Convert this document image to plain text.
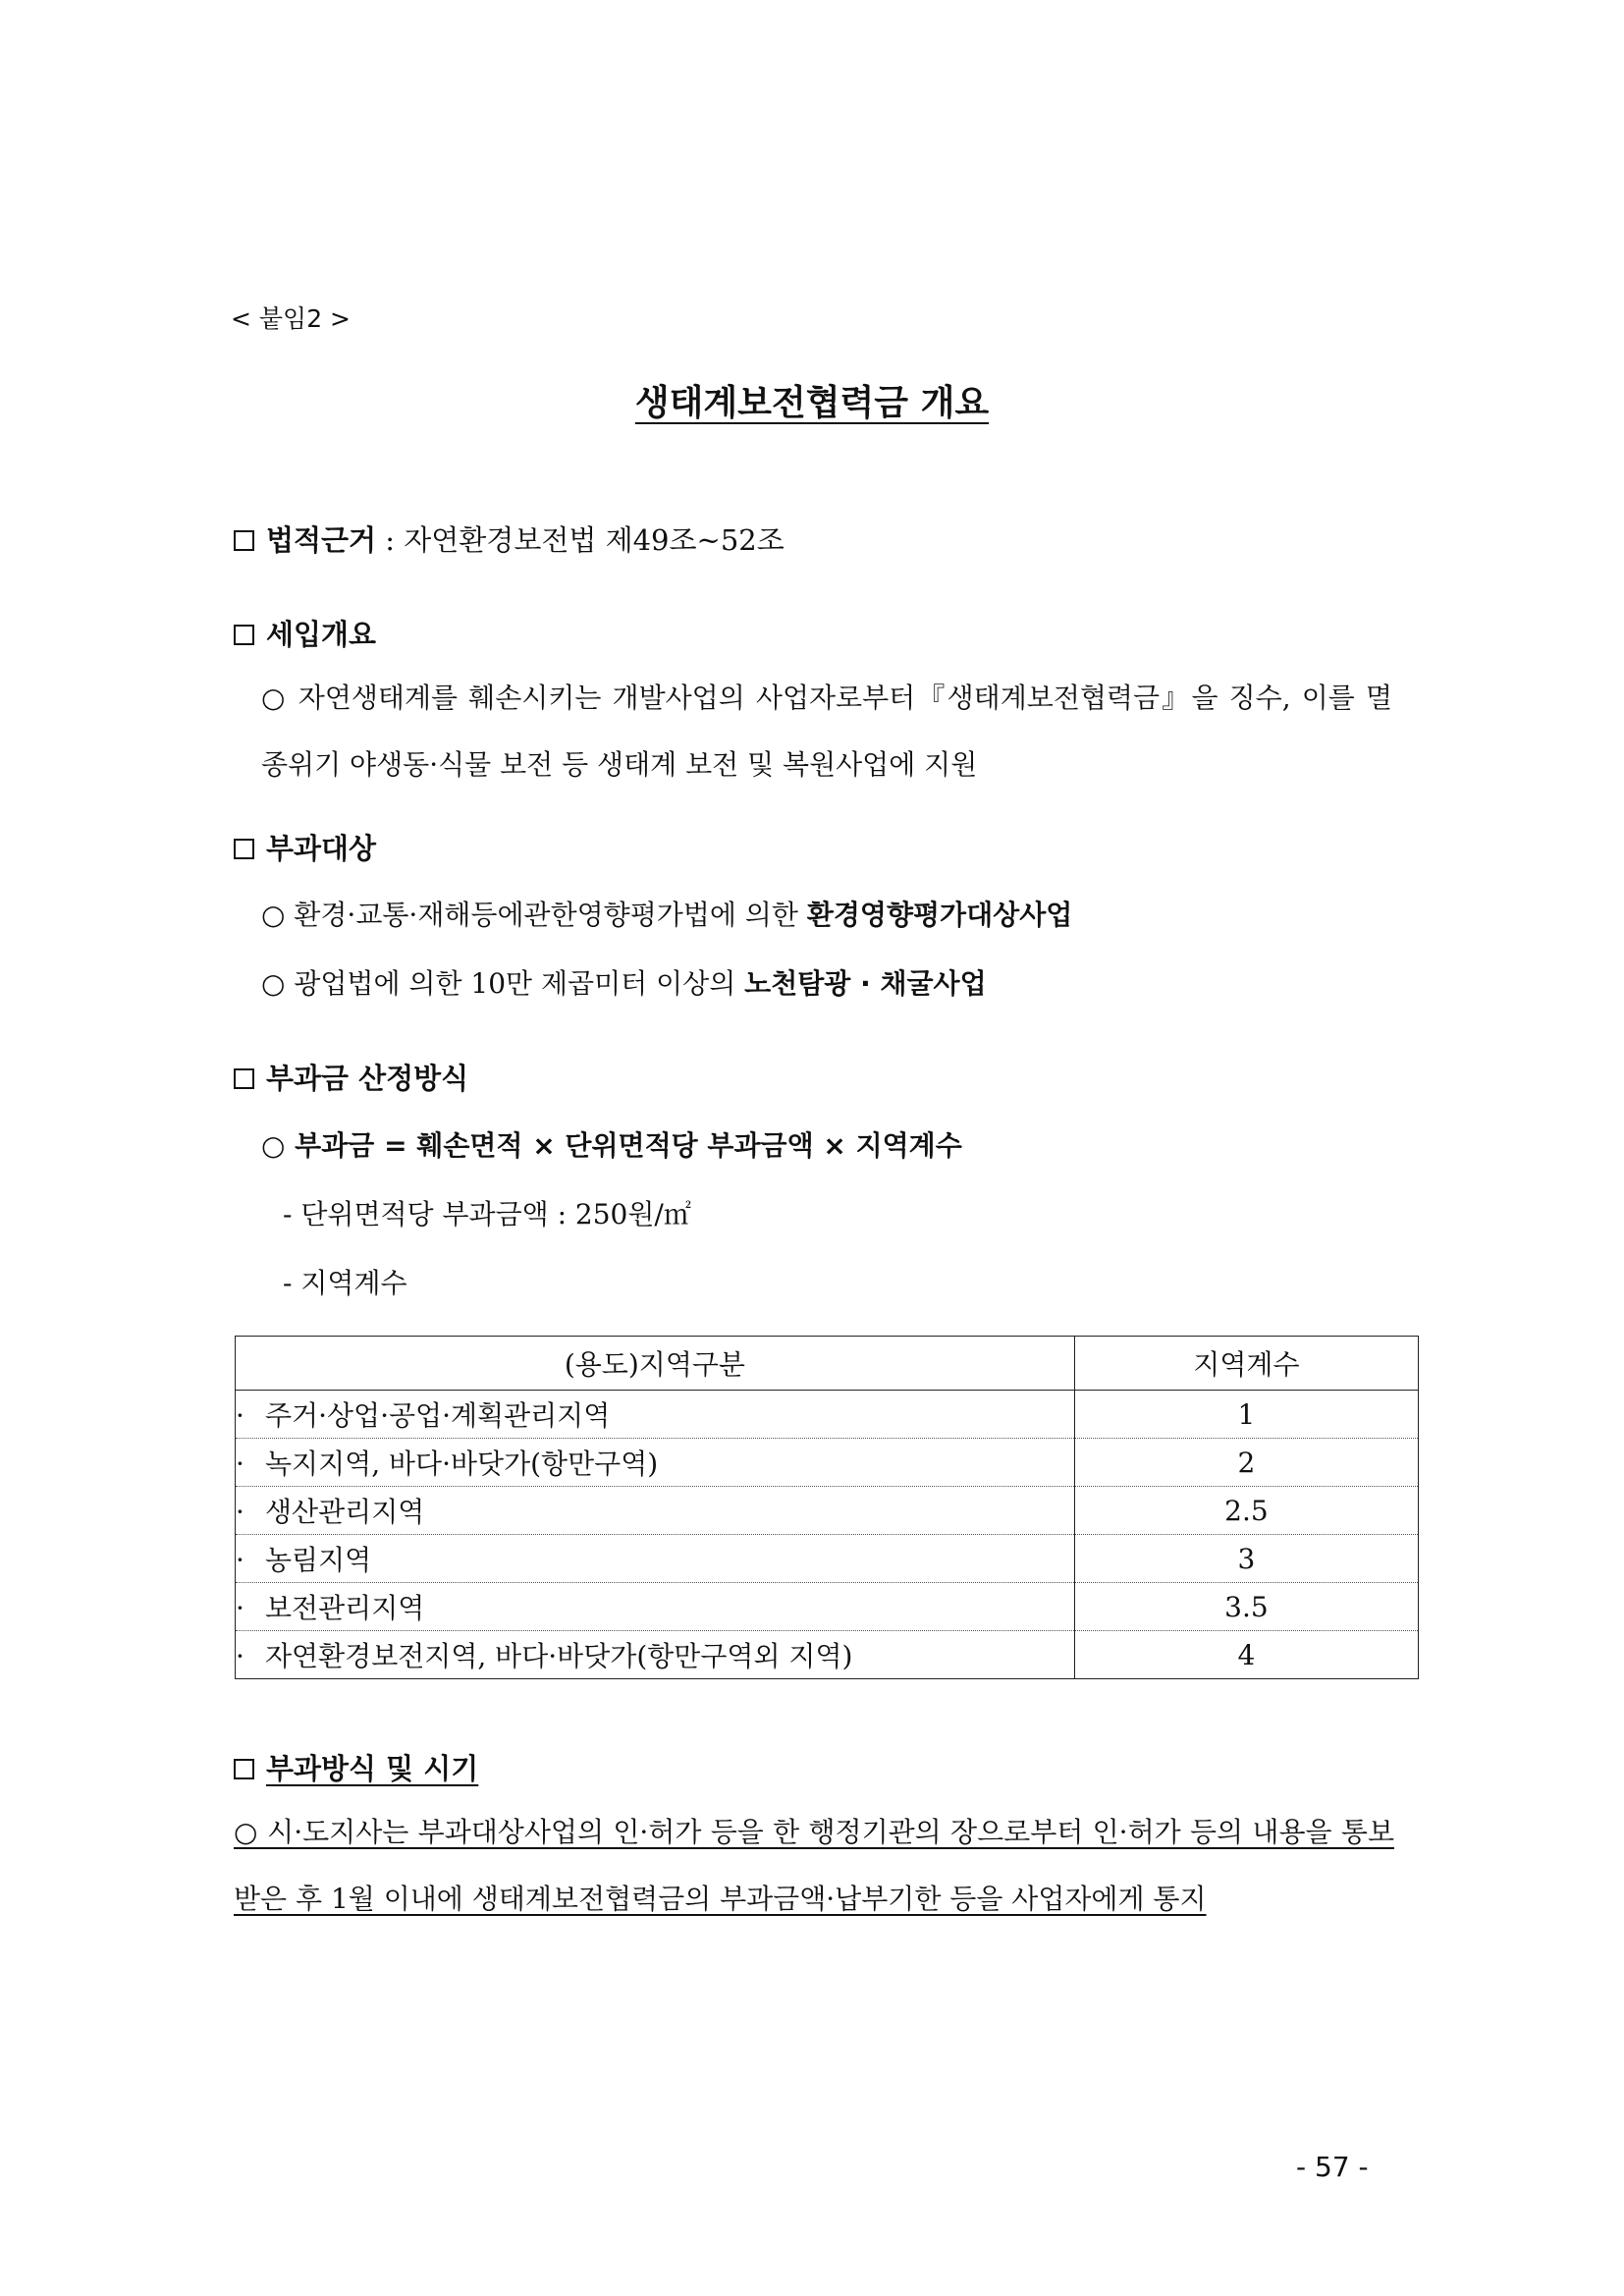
< 붙임2 >
생태계보전협력금 개요
법적근거 : 자연환경보전법 제49조~52조
세입개요
○ 자연생태계를 훼손시키는 개발사업의 사업자로부터『생태계보전협력금』을 징수, 이를 멸종위기 야생동·식물 보전 등 생태계 보전 및 복원사업에 지원
부과대상
○ 환경·교통·재해등에관한영향평가법에 의한 환경영향평가대상사업
○ 광업법에 의한 10만 제곱미터 이상의 노천탐광 · 채굴사업
부과금 산정방식
○ 부과금 = 훼손면적 × 단위면적당 부과금액 × 지역계수
- 단위면적당 부과금액 : 250원/㎡
- 지역계수
(용도)지역구분	지역계수
· 주거·상업·공업·계획관리지역	1
· 녹지지역, 바다·바닷가(항만구역)	2
· 생산관리지역	2.5
· 농림지역	3
· 보전관리지역	3.5
· 자연환경보전지역, 바다·바닷가(항만구역외 지역)	4
부과방식 및 시기
○ 시·도지사는 부과대상사업의 인·허가 등을 한 행정기관의 장으로부터 인·허가 등의 내용을 통보받은 후 1월 이내에 생태계보전협력금의 부과금액·납부기한 등을 사업자에게 통지
- 57 -
